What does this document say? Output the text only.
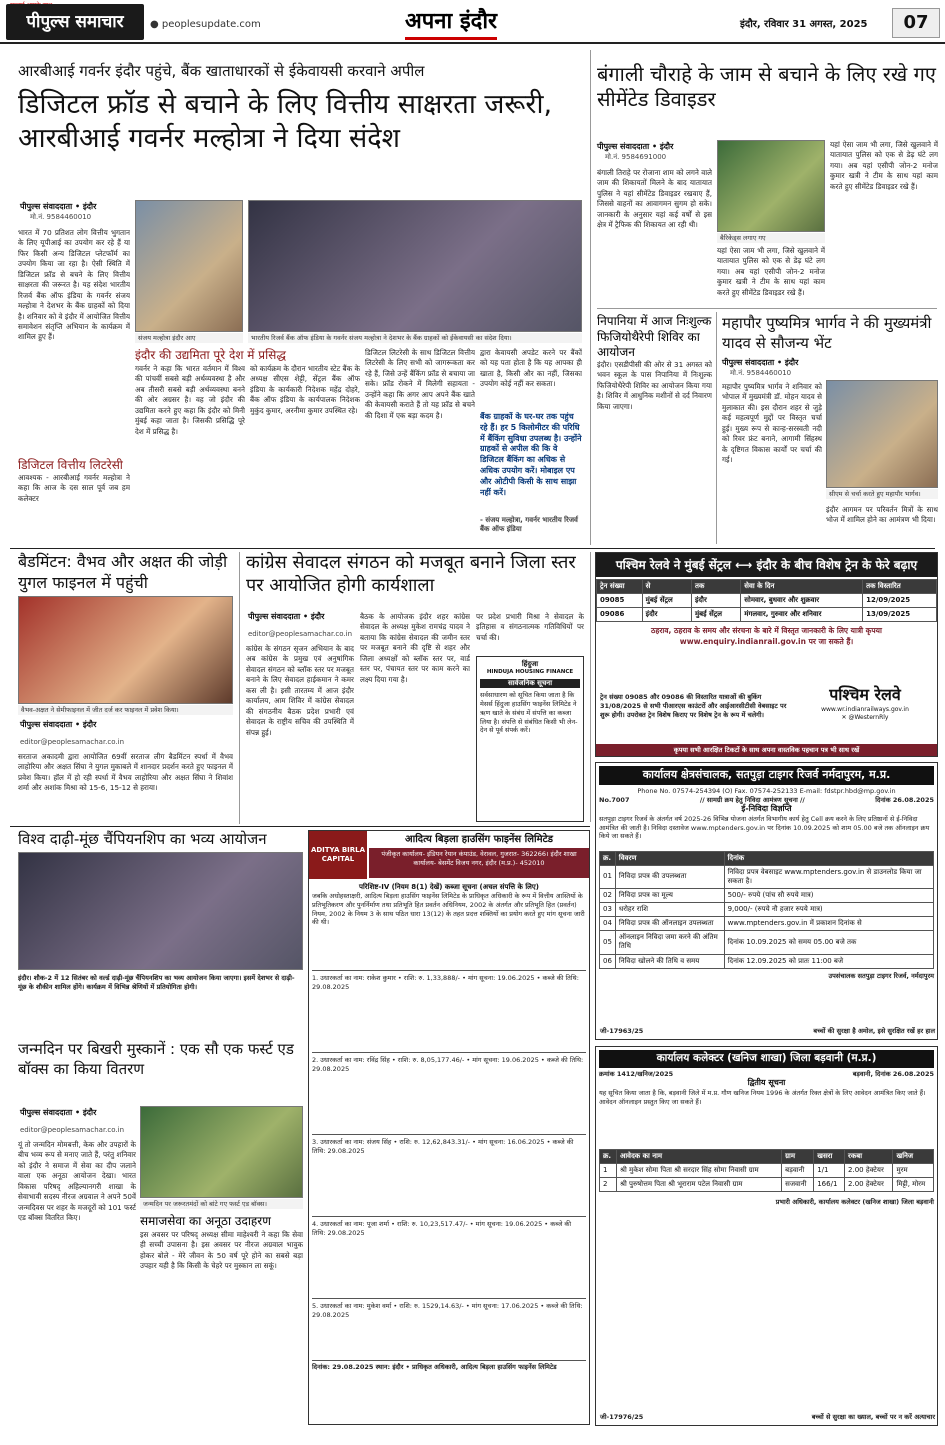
पीपुल्स समाचार	● peoplesupdate.com	अपना इंदौर	इंदौर, रविवार 31 अगस्त, 2025	07
आरबीआई गवर्नर इंदौर पहुंचे, बैंक खाताधारकों से ईकेवायसी करवाने अपील
डिजिटल फ्रॉड से बचाने के लिए वित्तीय साक्षरता जरूरी, आरबीआई गवर्नर मल्होत्रा ने दिया संदेश
पीपुल्स संवाददाता • इंदौर
मो.नं. 9584460010
भारत में 70 प्रतिशत लोग वित्तीय भुगतान के लिए यूपीआई का उपयोग कर रहे हैं या फिर किसी अन्य डिजिटल प्लेटफॉर्म का उपयोग किया जा रहा है। ऐसी स्थिति में डिजिटल फ्रॉड से बचने के लिए वित्तीय साक्षरता की जरूरत है। यह संदेश भारतीय रिजर्व बैंक ऑफ इंडिया के गवर्नर संजय मल्होत्रा ने देशभर के बैंक ग्राहकों को दिया है। शनिवार को वे इंदौर में आयोजित वित्तीय समावेशन संतृप्ति अभियान के कार्यक्रम में शामिल हुए हैं।
डिजिटल वित्तीय लिटरेसी
आवश्यक - आरबीआई गवर्नर मल्होत्रा ने कहा कि आज के दस साल पूर्व जब हम कलेक्टर
संजय मल्होत्रा इंदौर आए	भारतीय रिजर्व बैंक ऑफ इंडिया के गवर्नर संजय मल्होत्रा ने देशभर के बैंक ग्राहकों को ईकेवायसी का संदेश दिया।
इंदौर की उद्यमिता पूरे देश में प्रसिद्ध
गवर्नर ने कहा कि भारत वर्तमान में विश्व की पांचवीं सबसे बड़ी अर्थव्यवस्था है और अब तीसरी सबसे बड़ी अर्थव्यवस्था बनने की ओर अग्रसर है। वह जो इंदौर की उद्यमिता करने हुए कहा कि इंदौर को मिनी मुंबई कहा जाता है। जिसकी प्रसिद्धि पूरे देश में प्रसिद्ध है।
को कार्यक्रम के दौरान भारतीय स्टेट बैंक के अध्यक्ष सीएस शेट्टी, सेंट्रल बैंक ऑफ इंडिया के कार्यकारी निदेशक महेंद्र दोहरे, बैंक ऑफ इंडिया के कार्यपालक निदेशक मुकुंद कुमार, अरनीमा कुमार उपस्थित रहे।
डिजिटल लिटरेसी के साथ डिजिटल वित्तीय लिटरेसी के लिए सभी को जागरूकता कर रहे हैं, जिसे उन्हें बैंकिंग फ्रॉड से बचाया जा सके। फ्रॉड रोकने में मिलेगी सहायता - उन्होंने कहा कि अगर आप अपने बैंक खाते की केवायसी कराते हैं तो यह फ्रॉड से बचने की दिशा में एक बड़ा कदम है।
द्वारा केवायसी अपडेट करने पर बैंकों को यह पता होता है कि यह आपका ही खाता है, किसी और का नहीं, जिसका उपयोग कोई नहीं कर सकता।
बैंक ग्राहकों के घर-घर तक पहुंच रहे हैं। हर 5 किलोमीटर की परिधि में बैंकिंग सुविधा उपलब्ध है। उन्होंने ग्राहकों से अपील की कि वे डिजिटल बैंकिंग का अधिक से अधिक उपयोग करें। मोबाइल एप और ओटीपी किसी के साथ साझा नहीं करें।
- संजय मल्होत्रा, गवर्नर भारतीय रिजर्व बैंक ऑफ इंडिया
बंगाली चौराहे के जाम से बचाने के लिए रखे गए सीमेंटेड डिवाइडर
पीपुल्स संवाददाता • इंदौर
मो.नं. 9584691000
बंगाली तिराहे पर रोजाना शाम को लगने वाले जाम की शिकायतों मिलने के बाद यातायात पुलिस ने यहां सीमेंटेड डिवाइडर रखवाए हैं, जिससे वाहनों का आवागमन सुगम हो सके। जानकारी के अनुसार यहां कई वर्षों से इस क्षेत्र में ट्रैफिक की शिकायत आ रही थी।
बैरिकेड्स लगाए गए
यहां ऐसा जाम भी लगा, जिसे खुलवाने में यातायात पुलिस को एक से डेढ़ घंटे लग गया। अब यहां एसीपी जोन-2 मनोज कुमार खत्री ने टीम के साथ यहां काम करते हुए सीमेंटेड डिवाइडर रखे हैं।
यहां ऐसा जाम भी लगा, जिसे खुलवाने में यातायात पुलिस को एक से डेढ़ घंटे लग गया। अब यहां एसीपी जोन-2 मनोज कुमार खत्री ने टीम के साथ यहां काम करते हुए सीमेंटेड डिवाइडर रखे हैं।
निपानिया में आज निःशुल्क फिजियोथैरेपी शिविर का आयोजन
इंदौर। एसडीपीसी की ओर से 31 अगस्त को भवन स्कूल के पास निपानिया में निःशुल्क फिजियोथैरेपी शिविर का आयोजन किया गया है। शिविर में आधुनिक मशीनों से दर्द निवारण किया जाएगा।
महापौर पुष्यमित्र भार्गव ने की मुख्यमंत्री यादव से सौजन्य भेंट
पीपुल्स संवाददाता • इंदौर
मो.नं. 9584460010
महापौर पुष्यमित्र भार्गव ने शनिवार को भोपाल में मुख्यमंत्री डॉ. मोहन यादव से मुलाकात की। इस दौरान शहर से जुड़े कई महत्वपूर्ण मुद्दों पर विस्तृत चर्चा हुई। मुख्य रूप से कान्ह-सरस्वती नदी को रिवर फ्रंट बनाने, आगामी सिंहस्थ के दृष्टिगत विकास कार्यों पर चर्चा की गई।
सीएम से चर्चा करते हुए महापौर भार्गव।
इंदौर आगमन पर परिवर्तन मित्रों के साथ भोज में शामिल होने का आमंत्रण भी दिया।
बैडमिंटन: वैभव और अक्षत की जोड़ी युगल फाइनल में पहुंची
वैभव-अक्षत ने सेमीफाइनल में जीत दर्ज कर फाइनल में प्रवेश किया।
पीपुल्स संवाददाता • इंदौर
editor@peoplesamachar.co.in
सरताज अकादमी द्वारा आयोजित 69वीं सरताज लीग बैडमिंटन स्पर्धा में वैभव लाहोरिया और अक्षत सिंघा ने युगल मुकाबले में शानदार प्रदर्शन करते हुए फाइनल में प्रवेश किया। हॉल में हो रही स्पर्धा में वैभव लाहोरिया और अक्षत सिंघा ने शिवांश शर्मा और अशांक मिश्रा को 15-6, 15-12 से हराया।
कांग्रेस सेवादल संगठन को मजबूत बनाने जिला स्तर पर आयोजित होगी कार्यशाला
पीपुल्स संवाददाता • इंदौर
editor@peoplesamachar.co.in
कांग्रेस के संगठन सृजन अभियान के बाद अब कांग्रेस के प्रमुख एवं अनुषांगिक सेवादल संगठन को ब्लॉक स्तर पर मजबूत बनाने के लिए सेवादल हाईकमान ने कमर कस ली है। इसी तारतम्य में आज इंदौर कार्यालय, आम शिविर में कांग्रेस सेवादल की संगठनीय बैठक प्रदेश प्रभारी एवं सेवादल के राष्ट्रीय सचिव की उपस्थिति में संपन्न हुई।
बैठक के आयोजक इंदौर शहर कांग्रेस सेवादल के अध्यक्ष मुकेश रामचंद्र यादव ने बताया कि कांग्रेस सेवादल की जमीन स्तर पर मजबूत बनाने की दृष्टि से शहर और जिला अध्यक्षों को ब्लॉक स्तर पर, वार्ड स्तर पर, पंचायत स्तर पर काम करने का लक्ष्य दिया गया है।
पर प्रदेश प्रभारी मिश्रा ने सेवादल के इतिहास व संगठनात्मक गतिविधियों पर चर्चा की।
हिंदुजा
HINDUJA HOUSING FINANCE
सार्वजनिक सूचना
सर्वसाधारण को सूचित किया जाता है कि मेसर्स हिंदुजा हाउसिंग फाइनेंस लिमिटेड ने ऋण खाते के संबंध में संपत्ति का कब्जा लिया है। संपत्ति से संबंधित किसी भी लेन-देन से पूर्व संपर्क करें।
पश्चिम रेलवे ने मुंबई सेंट्रल ⟷ इंदौर के बीच विशेष ट्रेन के फेरे बढ़ाए
ट्रेन संख्या	से	तक	सेवा के दिन	तक विस्तारित
09085	मुंबई सेंट्रल	इंदौर	सोमवार, बुधवार और शुक्रवार	12/09/2025
09086	इंदौर	मुंबई सेंट्रल	मंगलवार, गुरुवार और शनिवार	13/09/2025
ठहराव, ठहराव के समय और संरचना के बारे में विस्तृत जानकारी के लिए यात्री कृपया www.enquiry.indianrail.gov.in पर जा सकते हैं।
ट्रेन संख्या 09085 और 09086 की विस्तारित यात्राओं की बुकिंग 31/08/2025 से सभी पीआरएस काउंटरों और आईआरसीटीसी वेबसाइट पर शुरू होगी। उपरोक्त ट्रेन विशेष किराए पर विशेष ट्रेन के रूप में चलेगी।
पश्चिम रेलवे
www.wr.indianrailways.gov.in
✕ @WesternRly
कृपया सभी आरक्षित टिकटों के साथ अपना वास्तविक पहचान पत्र भी साथ रखें
कार्यालय क्षेत्रसंचालक, सतपुड़ा टाइगर रिजर्व नर्मदापुरम, म.प्र.
Phone No. 07574-254394 (O) Fax. 07574-252133 E-mail: fdstpr.hbd@mp.gov.in
No.7007	// सामग्री क्रय हेतु निविदा आमंत्रण सूचना //	दिनांक 26.08.2025
ई-निविदा विज्ञप्ति
सतपुड़ा टाइगर रिजर्व के अंतर्गत वर्ष 2025-26 विभिन्न योजना अंतर्गत विभागीय कार्य हेतु Cell क्रय करने के लिए प्रतिष्ठानों से ई-निविदा आमंत्रित की जाती है। निविदा दस्तावेज www.mptenders.gov.in पर दिनांक 10.09.2025 को शाम 05.00 बजे तक ऑनलाइन क्रय किये जा सकते हैं।
क्र.	विवरण	दिनांक
01	निविदा प्रपत्र की उपलब्धता	निविदा प्रपत्र वेबसाइट www.mptenders.gov.in से डाउनलोड किया जा सकता है।
02	निविदा प्रपत्र का मूल्य	500/- रुपये (पांच सौ रुपये मात्र)
03	धरोहर राशि	9,000/- (रुपये नौ हजार रुपये मात्र)
04	निविदा प्रपत्र की ऑनलाइन उपलब्धता	www.mptenders.gov.in में प्रकाशन दिनांक से
05	ऑनलाइन निविदा जमा करने की अंतिम तिथि	दिनांक 10.09.2025 को समय 05.00 बजे तक
06	निविदा खोलने की तिथि व समय	दिनांक 12.09.2025 को प्रातः 11:00 बजे
उपसंचालक सतपुड़ा टाइगर रिजर्व, नर्मदापुरम
जी-17963/25	बच्चों की सुरक्षा है अमोल, इसे सुरक्षित रखें हर हाल
विश्व दाढ़ी-मूंछ चैंपियनशिप का भव्य आयोजन
इंदौर। शौक-2 में 12 सितंबर को वर्ल्ड दाढ़ी-मूंछ चैंपियनशिप का भव्य आयोजन किया जाएगा। इसमें देशभर से दाढ़ी-मूंछ के शौकीन शामिल होंगे। कार्यक्रम में विभिन्न श्रेणियों में प्रतियोगिता होगी।
ADITYA BIRLA CAPITAL
आदित्य बिड़ला हाउसिंग फाइनेंस लिमिटेड
पंजीकृत कार्यालय- इंडियन रेयान कंपाउंड, वेरावल, गुजरात- 362266। इंदौर शाखा कार्यालय- बेसमेंट विजय नगर, इंदौर (म.प्र.)- 452010
परिशिष्ट-IV (नियम 8(1) देखें) कब्जा सूचना (अचल संपत्ति के लिए)
जबकि अधोहस्ताक्षरी, आदित्य बिड़ला हाउसिंग फाइनेंस लिमिटेड के प्राधिकृत अधिकारी के रूप में वित्तीय आस्तियों के प्रतिभूतिकरण और पुनर्निर्माण तथा प्रतिभूति हित प्रवर्तन अधिनियम, 2002 के अंतर्गत और प्रतिभूति हित (प्रवर्तन) नियम, 2002 के नियम 3 के साथ पठित धारा 13(12) के तहत प्रदत्त शक्तियों का प्रयोग करते हुए मांग सूचना जारी की थी।
1. उधारकर्ता का नाम: राकेश कुमार • राशि: रु. 1,33,888/- • मांग सूचना: 19.06.2025 • कब्जे की तिथि: 29.08.2025
2. उधारकर्ता का नाम: रविंद्र सिंह • राशि: रु. 8,05,177.46/- • मांग सूचना: 19.06.2025 • कब्जे की तिथि: 29.08.2025
3. उधारकर्ता का नाम: संजय सिंह • राशि: रु. 12,62,843.31/- • मांग सूचना: 16.06.2025 • कब्जे की तिथि: 29.08.2025
4. उधारकर्ता का नाम: पूजा शर्मा • राशि: रु. 10,23,517.47/- • मांग सूचना: 19.06.2025 • कब्जे की तिथि: 29.08.2025
5. उधारकर्ता का नाम: मुकेश वर्मा • राशि: रु. 1529,14.63/- • मांग सूचना: 17.06.2025 • कब्जे की तिथि: 29.08.2025
दिनांक: 29.08.2025 स्थान: इंदौर • प्राधिकृत अधिकारी, आदित्य बिड़ला हाउसिंग फाइनेंस लिमिटेड
जन्मदिन पर बिखरी मुस्कानें : एक सौ एक फर्स्ट एड बॉक्स का किया वितरण
पीपुल्स संवाददाता • इंदौर
editor@peoplesamachar.co.in
यूं तो जन्मदिन मोमबत्ती, केक और उपहारों के बीच भव्य रूप से मनाए जाते हैं, परंतु शनिवार को इंदौर ने समाज में सेवा का दीप जलाने वाला एक अनूठा आयोजन देखा। भारत विकास परिषद् अहिल्यानगरी शाखा के सेवाभावी सदस्य नीरज अग्रवाल ने अपने 50वें जन्मदिवस पर शहर के मजदूरों को 101 फर्स्ट एड बॉक्स वितरित किए।
जन्मदिन पर जरूरतमंदों को बांटे गए फर्स्ट एड बॉक्स।
समाजसेवा का अनूठा उदाहरण
इस अवसर पर परिषद् अध्यक्ष सीमा माहेश्वरी ने कहा कि सेवा ही सच्ची उपासना है। इस अवसर पर नीरज अग्रवाल भावुक होकर बोले - मेरे जीवन के 50 वर्ष पूरे होने का सबसे बड़ा उपहार यही है कि किसी के चेहरे पर मुस्कान ला सकूं।
कार्यालय कलेक्टर (खनिज शाखा) जिला बड़वानी (म.प्र.)
क्रमांक 1412/खनिज/2025	बड़वानी, दिनांक 26.08.2025
द्वितीय सूचना
यह सूचित किया जाता है कि, बड़वानी जिले में म.प्र. गौण खनिज नियम 1996 के अंतर्गत रिक्त क्षेत्रों के लिए आवेदन आमंत्रित किए जाते हैं। आवेदन ऑनलाइन प्रस्तुत किए जा सकते हैं।
क्र.	आवेदक का नाम	ग्राम	खसरा	रकबा	खनिज
1	श्री मुकेश सोमा पिता श्री सरदार सिंह सोमा निवासी ग्राम	बड़वानी	1/1	2.00 हेक्टेयर	मुरम
2	श्री पुरुषोत्तम पिता श्री भूराराम पटेल निवासी ग्राम	सजवानी	166/1	2.00 हेक्टेयर	मिट्टी, मोरम
प्रभारी अधिकारी, कार्यालय कलेक्टर (खनिज शाखा) जिला बड़वानी
जी-17976/25	बच्चों से सुरक्षा का ख्याल, बच्चों पर न करें अत्याचार
